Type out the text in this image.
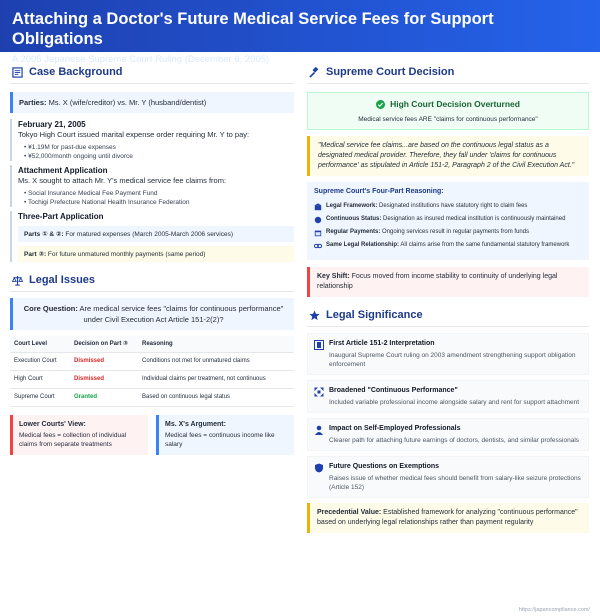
Attaching a Doctor's Future Medical Service Fees for Support Obligations
A 2005 Japanese Supreme Court Ruling (December 6, 2005)
Case Background
Parties: Ms. X (wife/creditor) vs. Mr. Y (husband/dentist)
February 21, 2005
Tokyo High Court issued marital expense order requiring Mr. Y to pay:
• ¥1.19M for past-due expenses
• ¥52,000/month ongoing until divorce
Attachment Application
Ms. X sought to attach Mr. Y's medical service fee claims from:
• Social Insurance Medical Fee Payment Fund
• Tochigi Prefecture National Health Insurance Federation
Three-Part Application
Parts ① & ②: For matured expenses (March 2005-March 2006 services)
Part ③: For future unmatured monthly payments (same period)
Legal Issues
Core Question: Are medical service fees "claims for continuous performance" under Civil Execution Act Article 151-2(2)?
Court Level	Decision on Part ③	Reasoning
Execution Court	Dismissed	Conditions not met for unmatured claims
High Court	Dismissed	Individual claims per treatment, not continuous
Supreme Court	Granted	Based on continuous legal status
Lower Courts' View:
Medical fees = collection of individual claims from separate treatments
Ms. X's Argument:
Medical fees = continuous income like salary
Supreme Court Decision
High Court Decision Overturned
Medical service fees ARE "claims for continuous performance"
"Medical service fee claims...are based on the continuous legal status as a designated medical provider. Therefore, they fall under 'claims for continuous performance' as stipulated in Article 151-2, Paragraph 2 of the Civil Execution Act."
Supreme Court's Four-Part Reasoning:
Legal Framework: Designated institutions have statutory right to claim fees
Continuous Status: Designation as insured medical institution is continuously maintained
Regular Payments: Ongoing services result in regular payments from funds
Same Legal Relationship: All claims arise from the same fundamental statutory framework
Key Shift: Focus moved from income stability to continuity of underlying legal relationship
Legal Significance
First Article 151-2 Interpretation
Inaugural Supreme Court ruling on 2003 amendment strengthening support obligation enforcement
Broadened "Continuous Performance"
Included variable professional income alongside salary and rent for support attachment
Impact on Self-Employed Professionals
Clearer path for attaching future earnings of doctors, dentists, and similar professionals
Future Questions on Exemptions
Raises issue of whether medical fees should benefit from salary-like seizure protections (Article 152)
Precedential Value: Established framework for analyzing "continuous performance" based on underlying legal relationships rather than payment regularity
https://japancompliance.com/
